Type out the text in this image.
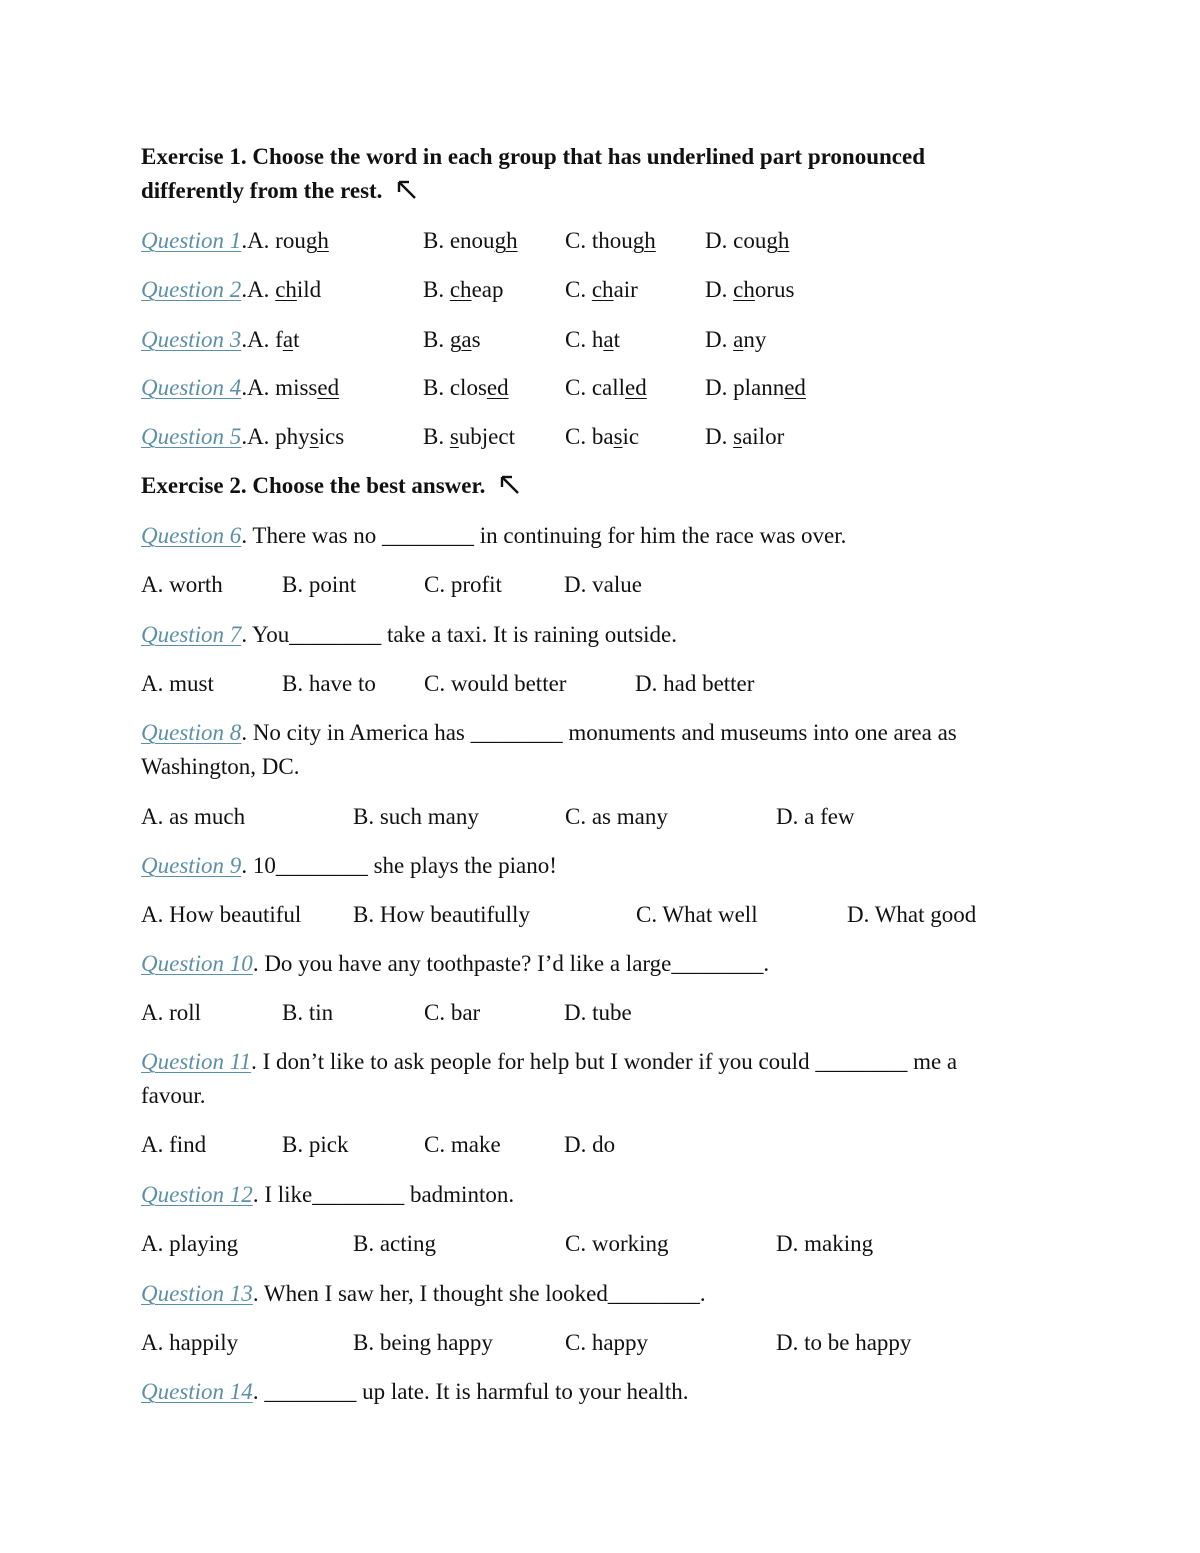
Exercise 1. Choose the word in each group that has underlined part pronounced
differently from the rest.
Question 1.A. rough	B. enough C. though D. cough
Question 2.A. child	B. cheap	C. chair	D. chorus
Question 3.A. fat	B. gas	C. hat	D. any
Question 4.A. missed	B. closed C. called	D. planned
Question 5.A. physics	B. subject C. basic	D. sailor
Exercise 2. Choose the best answer.
Question 6. There was no ________ in continuing for him the race was over.
A. worth	B. point	C. profit	D. value
Question 7. You________ take a taxi. It is raining outside.
A. must	B. have to C. would better	D. had better
Question 8. No city in America has ________ monuments and museums into one area as
Washington, DC.
A. as much	B. such many	C. as many	D. a few
Question 9. 10________ she plays the piano!
A. How beautiful B. How beautifully	C. What well	D. What good
Question 10. Do you have any toothpaste? I’d like a large________.
A. roll	B. tin	C. bar	D. tube
Question 11. I don’t like to ask people for help but I wonder if you could ________ me a
favour.
A. find	B. pick	C. make	D. do
Question 12. I like________ badminton.
A. playing	B. acting	C. working	D. making
Question 13. When I saw her, I thought she looked________.
A. happily	B. being happy	C. happy	D. to be happy
Question 14. ________ up late. It is harmful to your health.
